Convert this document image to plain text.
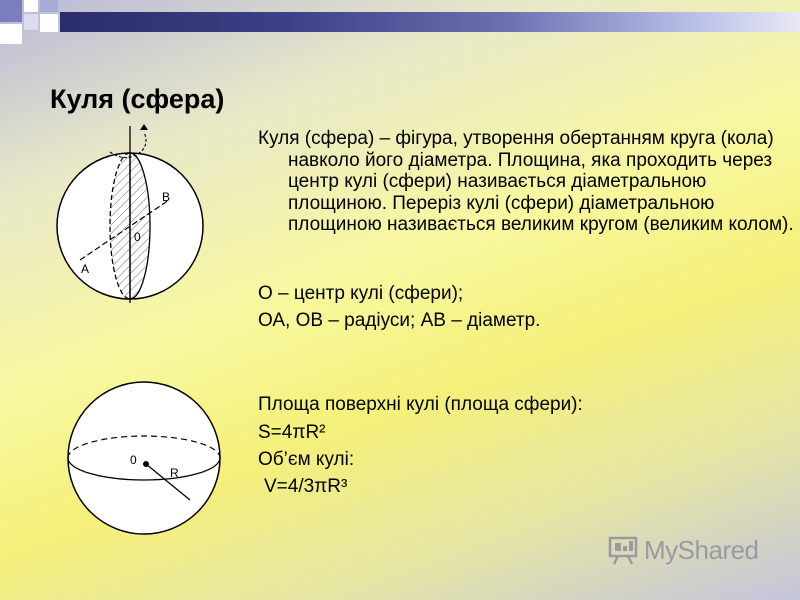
Куля (сфера)
0
A
B

Куля (сфера) – фігура, утворення обертанням круга (кола) навколо його діаметра. Площина, яка проходить через центр кулі (сфери) називається діаметральною площиною. Переріз кулі (сфери) діаметральною площиною називається великим кругом (великим колом).

О – центр кулі (сфери);

ОА, ОВ – радіуси; АВ – діаметр.

0
R

Площа поверхні кулі (площа сфери):

S=4πR²

Об’єм кулі:

V=4/3πR³

MyShared
